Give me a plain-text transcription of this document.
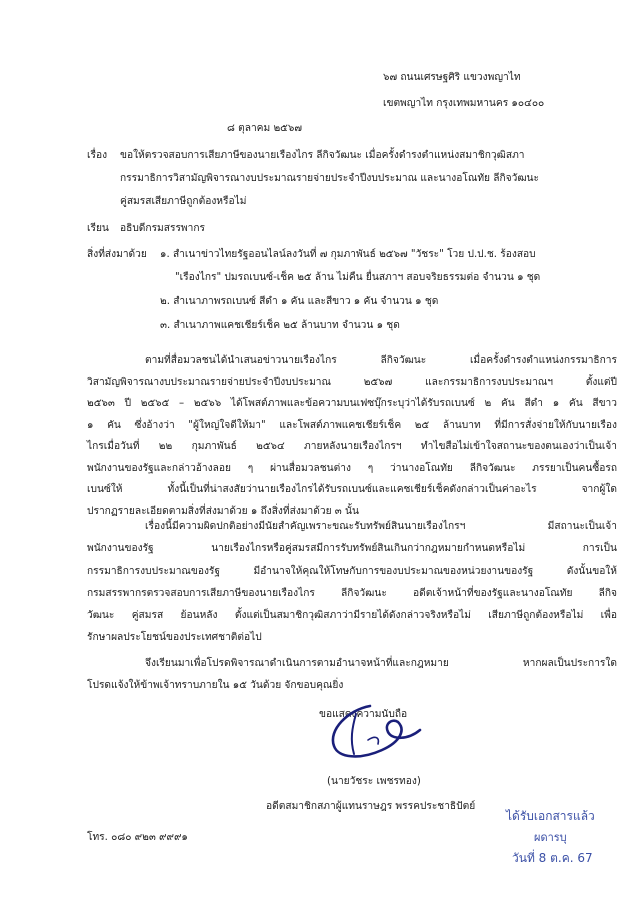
๖๗ ถนนเศรษฐศิริ แขวงพญาไท
เขตพญาไท กรุงเทพมหานคร ๑๐๔๐๐
๘ ตุลาคม ๒๕๖๗
เรื่อง ขอให้ตรวจสอบการเสียภาษีของนายเรืองไกร ลีกิจวัฒนะ เมื่อครั้งดำรงตำแหน่งสมาชิกวุฒิสภา
กรรมาธิการวิสามัญพิจารณางบประมาณรายจ่ายประจำปีงบประมาณ และนางอโณทัย ลีกิจวัฒนะ
คู่สมรสเสียภาษีถูกต้องหรือไม่
เรียน อธิบดีกรมสรรพากร
สิ่งที่ส่งมาด้วย ๑. สำเนาข่าวไทยรัฐออนไลน์ลงวันที่ ๗ กุมภาพันธ์ ๒๕๖๗ "วัชระ" โวย ป.ป.ช. ร้องสอบ
"เรืองไกร" ปมรถเบนซ์-เช็ค ๒๕ ล้าน ไม่คืน ยื่นสภาฯ สอบจริยธรรมต่อ จำนวน ๑ ชุด
๒. สำเนาภาพรถเบนซ์ สีดำ ๑ คัน และสีขาว ๑ คัน จำนวน ๑ ชุด
๓. สำเนาภาพแคชเชียร์เช็ค ๒๕ ล้านบาท จำนวน ๑ ชุด
ตามที่สื่อมวลชนได้นำเสนอข่าวนายเรืองไกร ลีกิจวัฒนะ เมื่อครั้งดำรงตำแหน่งกรรมาธิการ
วิสามัญพิจารณางบประมาณรายจ่ายประจำปีงบประมาณ ๒๕๖๗ และกรรมาธิการงบประมาณฯ ตั้งแต่ปี
๒๕๖๓ ปี ๒๕๖๕ – ๒๕๖๖ ได้โพสต์ภาพและข้อความบนเฟซบุ๊กระบุว่าได้รับรถเบนซ์ ๒ คัน สีดำ ๑ คัน สีขาว
๑ คัน ซึ่งอ้างว่า "ผู้ใหญ่ใจดีให้มา" และโพสต์ภาพแคชเชียร์เช็ค ๒๕ ล้านบาท ที่มีการสั่งจ่ายให้กับนายเรือง
ไกรเมื่อวันที่ ๒๒ กุมภาพันธ์ ๒๕๖๔ ภายหลังนายเรืองไกรฯ ทำไขสือไม่เข้าใจสถานะของตนเองว่าเป็นเจ้า
พนักงานของรัฐและกล่าวอ้างลอย ๆ ผ่านสื่อมวลชนต่าง ๆ ว่านางอโณทัย ลีกิจวัฒนะ ภรรยาเป็นคนซื้อรถ
เบนซ์ให้ ทั้งนี้เป็นที่น่าสงสัยว่านายเรืองไกรได้รับรถเบนซ์และแคชเชียร์เช็คดังกล่าวเป็นค่าอะไร จากผู้ใด
ปรากฏรายละเอียดตามสิ่งที่ส่งมาด้วย ๑ ถึงสิ่งที่ส่งมาด้วย ๓ นั้น
เรื่องนี้มีความผิดปกติอย่างมีนัยสำคัญเพราะขณะรับทรัพย์สินนายเรืองไกรฯ มีสถานะเป็นเจ้า
พนักงานของรัฐ นายเรืองไกรหรือคู่สมรสมีการรับทรัพย์สินเกินกว่ากฎหมายกำหนดหรือไม่ การเป็น
กรรมาธิการงบประมาณของรัฐ มีอำนาจให้คุณให้โทษกับการของบประมาณของหน่วยงานของรัฐ ดังนั้นขอให้
กรมสรรพากรตรวจสอบการเสียภาษีของนายเรืองไกร ลีกิจวัฒนะ อดีตเจ้าหน้าที่ของรัฐและนางอโณทัย ลีกิจ
วัฒนะ คู่สมรส ย้อนหลัง ตั้งแต่เป็นสมาชิกวุฒิสภาว่ามีรายได้ดังกล่าวจริงหรือไม่ เสียภาษีถูกต้องหรือไม่ เพื่อ
รักษาผลประโยชน์ของประเทศชาติต่อไป
จึงเรียนมาเพื่อโปรดพิจารณาดำเนินการตามอำนาจหน้าที่และกฎหมาย หากผลเป็นประการใด
โปรดแจ้งให้ข้าพเจ้าทราบภายใน ๑๕ วันด้วย จักขอบคุณยิ่ง
ขอแสดงความนับถือ
(นายวัชระ เพชรทอง)
อดีตสมาชิกสภาผู้แทนราษฎร พรรคประชาธิปัตย์
โทร. ๐๘๐ ๙๒๓ ๙๙๙๑
ได้รับเอกสารแล้ว
ผดารบุ
วันที่ 8 ต.ค. 67
